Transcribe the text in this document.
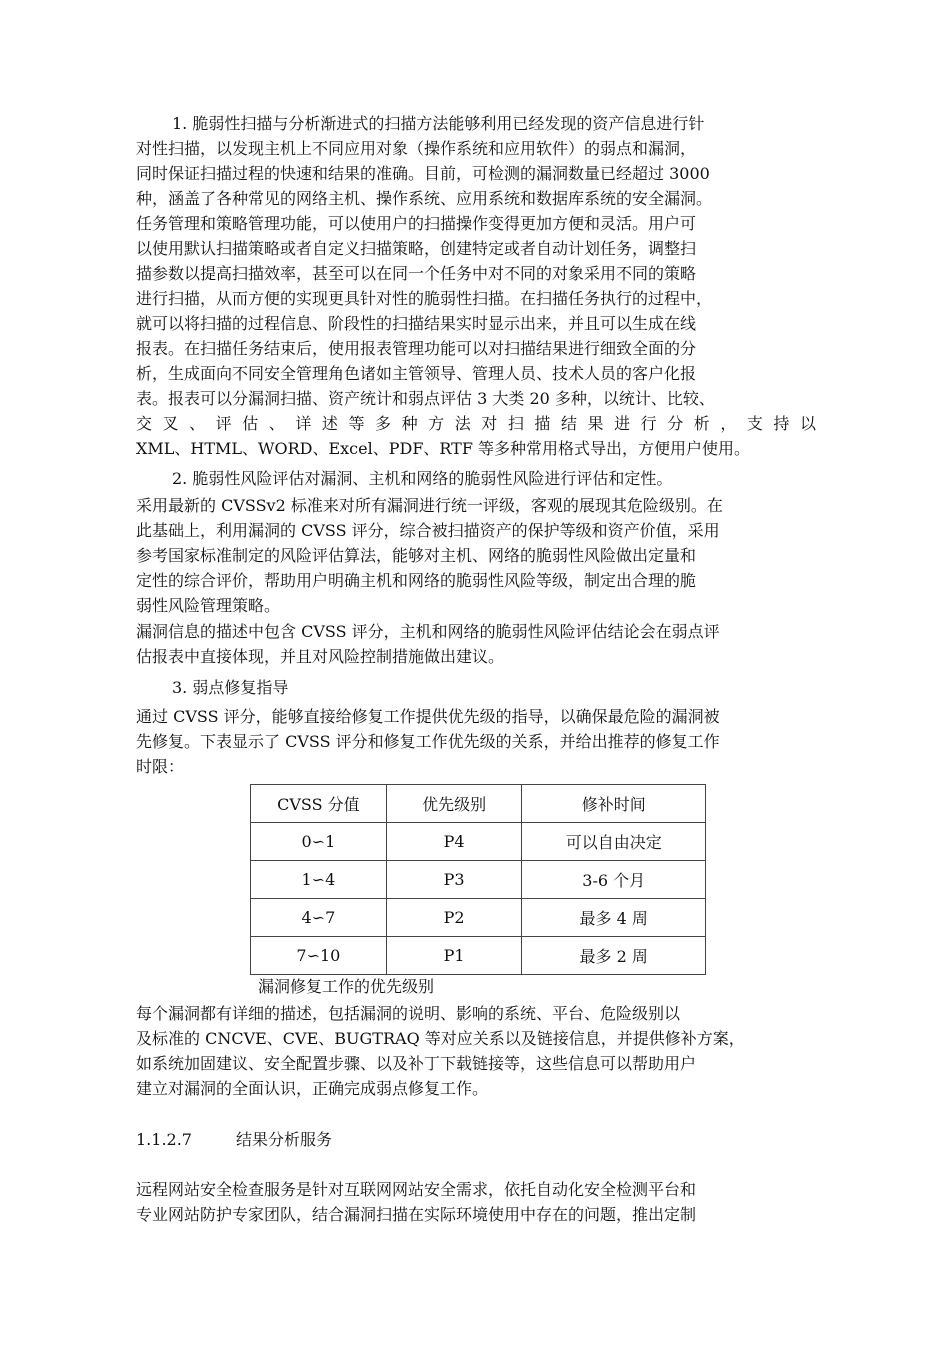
1. 脆弱性扫描与分析渐进式的扫描方法能够利用已经发现的资产信息进行针
对性扫描，以发现主机上不同应用对象（操作系统和应用软件）的弱点和漏洞，
同时保证扫描过程的快速和结果的准确。目前，可检测的漏洞数量已经超过 3000
种，涵盖了各种常见的网络主机、操作系统、应用系统和数据库系统的安全漏洞。
任务管理和策略管理功能，可以使用户的扫描操作变得更加方便和灵活。用户可
以使用默认扫描策略或者自定义扫描策略，创建特定或者自动计划任务，调整扫
描参数以提高扫描效率，甚至可以在同一个任务中对不同的对象采用不同的策略
进行扫描，从而方便的实现更具针对性的脆弱性扫描。在扫描任务执行的过程中，
就可以将扫描的过程信息、阶段性的扫描结果实时显示出来，并且可以生成在线
报表。在扫描任务结束后，使用报表管理功能可以对扫描结果进行细致全面的分
析，生成面向不同安全管理角色诸如主管领导、管理人员、技术人员的客户化报
表。报表可以分漏洞扫描、资产统计和弱点评估 3 大类 20 多种，以统计、比较、
交 叉 、 评 估 、 详 述 等 多 种 方 法 对 扫 描 结 果 进 行 分 析 ， 支 持 以
XML、HTML、WORD、Excel、PDF、RTF 等多种常用格式导出，方便用户使用。
2. 脆弱性风险评估对漏洞、主机和网络的脆弱性风险进行评估和定性。
采用最新的 CVSSv2 标准来对所有漏洞进行统一评级，客观的展现其危险级别。在
此基础上，利用漏洞的 CVSS 评分，综合被扫描资产的保护等级和资产价值，采用
参考国家标准制定的风险评估算法，能够对主机、网络的脆弱性风险做出定量和
定性的综合评价，帮助用户明确主机和网络的脆弱性风险等级，制定出合理的脆
弱性风险管理策略。
漏洞信息的描述中包含 CVSS 评分，主机和网络的脆弱性风险评估结论会在弱点评
估报表中直接体现，并且对风险控制措施做出建议。
3. 弱点修复指导
通过 CVSS 评分，能够直接给修复工作提供优先级的指导，以确保最危险的漏洞被
先修复。下表显示了 CVSS 评分和修复工作优先级的关系，并给出推荐的修复工作
时限：
CVSS 分值	优先级别	修补时间
0∽1	P4	可以自由决定
1∽4	P3	3-6 个月
4∽7	P2	最多 4 周
7∽10	P1	最多 2 周
漏洞修复工作的优先级别
每个漏洞都有详细的描述，包括漏洞的说明、影响的系统、平台、危险级别以
及标准的 CNCVE、CVE、BUGTRAQ 等对应关系以及链接信息，并提供修补方案，
如系统加固建议、安全配置步骤、以及补丁下载链接等，这些信息可以帮助用户
建立对漏洞的全面认识，正确完成弱点修复工作。
1.1.2.7	结果分析服务
远程网站安全检查服务是针对互联网网站安全需求，依托自动化安全检测平台和
专业网站防护专家团队，结合漏洞扫描在实际环境使用中存在的问题，推出定制
